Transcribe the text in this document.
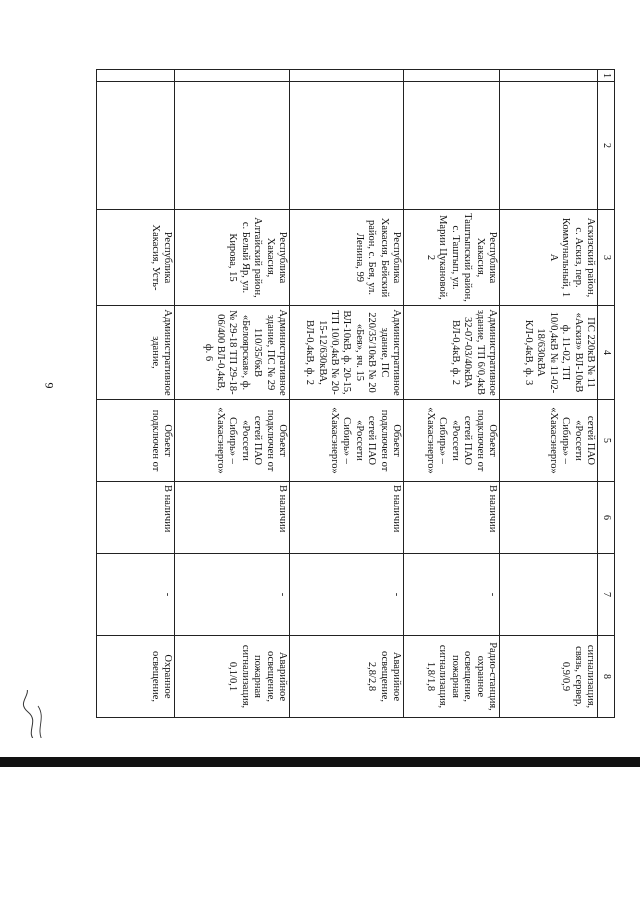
9
1	2	3	4	5	6	7	8
		Аскизский район, с. Аскиз, пер. Коммунальный, 1 А	ПС 220кВ № 11 «Аскиз» ВЛ-10кВ ф. 11-02, ТП 10/0,4кВ № 11-02-18/630кВА КЛ-0,4кВ, ф. 3	сетей ПАО «Россети Сибирь» – «Хакасэнерго»			сигнализация, связь, сервер, 0,9/0,9
		Республика Хакасия, Таштыпский район, с. Таштып, ул. Марии Цукановой, 2	Административное здание, ТП 6/0,4кВ 32-07-03/40кВА ВЛ-0,4кВ, ф. 2	Объект подключен от сетей ПАО «Россети Сибирь» – «Хакасэнерго»	В наличии	-	Радио-станция, охранное освещение, пожарная сигнализация, 1,8/1,8
		Республика Хакасия, Бейский район, с. Бея, ул. Ленина, 99	Административное здание, ПС 220/35/10кВ № 20 «Бея», яч. 15 ВЛ-10кВ, ф. 20-15, ТП 10/0,4кВ № 20-15-12/630кВА, ВЛ-0,4кВ, ф. 2	Объект подключен от сетей ПАО «Россети Сибирь» – «Хакасэнерго»	В наличии	-	Аварийное освещение, 2,8/2,8
		Республика Хакасия, Алтайский район, с. Белый Яр, ул. Кирова, 15	Административное здание, ПС № 29 110/35/6кВ «Белоярская», ф. № 29-18 ТП 29-18-06/400 ВЛ-0,4кВ, ф. 6	Объект подключен от сетей ПАО «Россети Сибирь» – «Хакасэнерго»	В наличии	-	Аварийное освещение, пожарная сигнализация, 0,1/0,1
		Республика Хакасия, Усть-	Административное здание,	Объект подключен от	В наличии	-	Охранное освещение,
